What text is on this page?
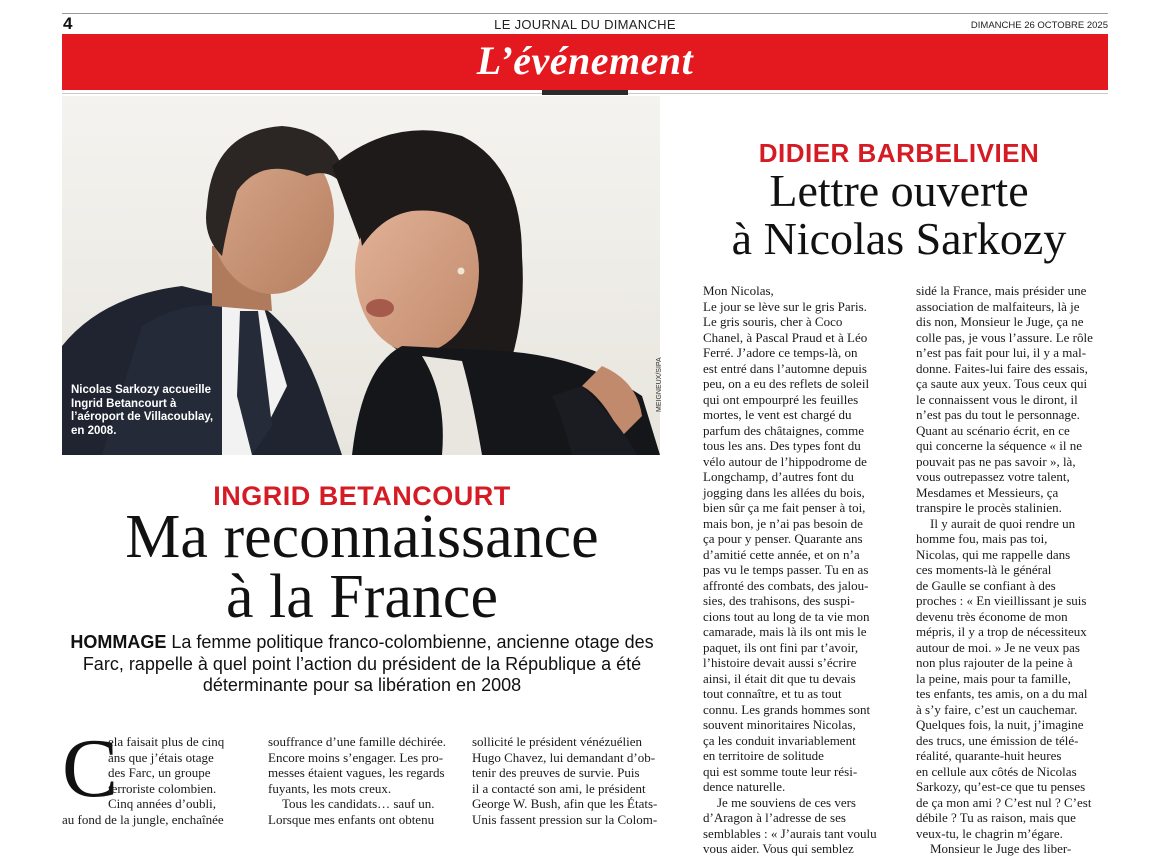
4	LE JOURNAL DU DIMANCHE	DIMANCHE 26 OCTOBRE 2025
L’événement
Nicolas Sarkozy accueille Ingrid Betancourt à l’aéroport de Villacoublay, en 2008.
MEIGNEUX/SIPA
INGRID BETANCOURT
Ma reconnaissance
à la France
HOMMAGE La femme politique franco-colombienne, ancienne otage des Farc, rappelle à quel point l’action du président de la République a été déterminante pour sa libération en 2008
C
ela faisait plus de cinq
ans que j’étais otage
des Farc, un groupe
terroriste colombien.
Cinq années d’oubli,
au fond de la jungle, enchaînée
souffrance d’une famille déchirée.
Encore moins s’engager. Les pro-
messes étaient vagues, les regards
fuyants, les mots creux.
Tous les candidats… sauf un.
Lorsque mes enfants ont obtenu
sollicité le président vénézuélien
Hugo Chavez, lui demandant d’ob-
tenir des preuves de survie. Puis
il a contacté son ami, le président
George W. Bush, afin que les États-
Unis fassent pression sur la Colom-
DIDIER BARBELIVIEN
Lettre ouverte
à Nicolas Sarkozy
Mon Nicolas,
Le jour se lève sur le gris Paris.
Le gris souris, cher à Coco
Chanel, à Pascal Praud et à Léo
Ferré. J’adore ce temps-là, on
est entré dans l’automne depuis
peu, on a eu des reflets de soleil
qui ont empourpré les feuilles
mortes, le vent est chargé du
parfum des châtaignes, comme
tous les ans. Des types font du
vélo autour de l’hippodrome de
Longchamp, d’autres font du
jogging dans les allées du bois,
bien sûr ça me fait penser à toi,
mais bon, je n’ai pas besoin de
ça pour y penser. Quarante ans
d’amitié cette année, et on n’a
pas vu le temps passer. Tu en as
affronté des combats, des jalou-
sies, des trahisons, des suspi-
cions tout au long de ta vie mon
camarade, mais là ils ont mis le
paquet, ils ont fini par t’avoir,
l’histoire devait aussi s’écrire
ainsi, il était dit que tu devais
tout connaître, et tu as tout
connu. Les grands hommes sont
souvent minoritaires Nicolas,
ça les conduit invariablement
en territoire de solitude
qui est somme toute leur rési-
dence naturelle.
Je me souviens de ces vers
d’Aragon à l’adresse de ses
semblables : « J’aurais tant voulu
vous aider. Vous qui semblez
sidé la France, mais présider une
association de malfaiteurs, là je
dis non, Monsieur le Juge, ça ne
colle pas, je vous l’assure. Le rôle
n’est pas fait pour lui, il y a mal-
donne. Faites-lui faire des essais,
ça saute aux yeux. Tous ceux qui
le connaissent vous le diront, il
n’est pas du tout le personnage.
Quant au scénario écrit, en ce
qui concerne la séquence « il ne
pouvait pas ne pas savoir », là,
vous outrepassez votre talent,
Mesdames et Messieurs, ça
transpire le procès stalinien.
Il y aurait de quoi rendre un
homme fou, mais pas toi,
Nicolas, qui me rappelle dans
ces moments-là le général
de Gaulle se confiant à des
proches : « En vieillissant je suis
devenu très économe de mon
mépris, il y a trop de nécessiteux
autour de moi. » Je ne veux pas
non plus rajouter de la peine à
la peine, mais pour ta famille,
tes enfants, tes amis, on a du mal
à s’y faire, c’est un cauchemar.
Quelques fois, la nuit, j’imagine
des trucs, une émission de télé-
réalité, quarante-huit heures
en cellule aux côtés de Nicolas
Sarkozy, qu’est-ce que tu penses
de ça mon ami ? C’est nul ? C’est
débile ? Tu as raison, mais que
veux-tu, le chagrin m’égare.
Monsieur le Juge des liber-
